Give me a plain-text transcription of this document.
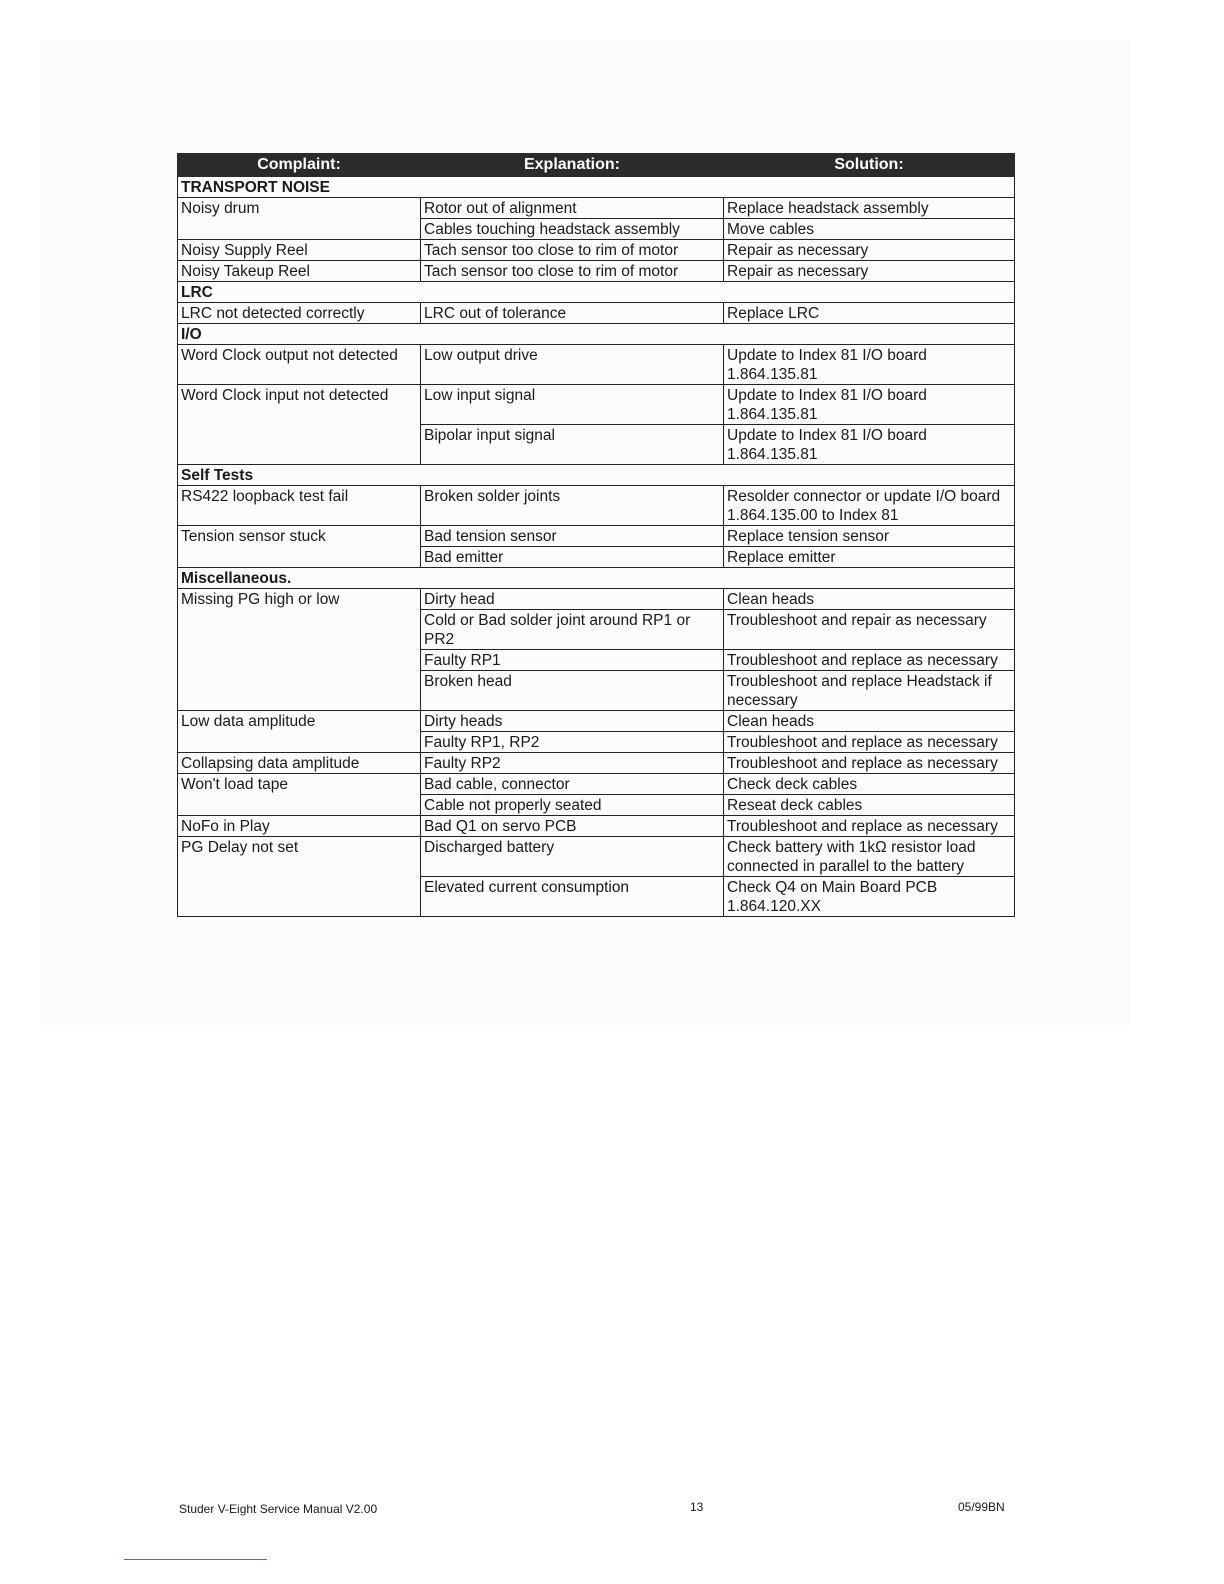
Complaint:	Explanation:	Solution:
TRANSPORT NOISE		
Noisy drum	Rotor out of alignment	Replace headstack assembly
	Cables touching headstack assembly	Move cables
Noisy Supply Reel	Tach sensor too close to rim of motor	Repair as necessary
Noisy Takeup Reel	Tach sensor too close to rim of motor	Repair as necessary
LRC		
LRC not detected correctly	LRC out of tolerance	Replace LRC
I/O		
Word Clock output not detected	Low output drive	Update to Index 81 I/O board 1.864.135.81
Word Clock input not detected	Low input signal	Update to Index 81 I/O board 1.864.135.81
	Bipolar input signal	Update to Index 81 I/O board 1.864.135.81
Self Tests		
RS422 loopback test fail	Broken solder joints	Resolder connector or update I/O board 1.864.135.00 to Index 81
Tension sensor stuck	Bad tension sensor	Replace tension sensor
	Bad emitter	Replace emitter
Miscellaneous.		
Missing PG high or low	Dirty head	Clean heads
	Cold or Bad solder joint around RP1 or PR2	Troubleshoot and repair as necessary
	Faulty RP1	Troubleshoot and replace as necessary
	Broken head	Troubleshoot and replace Headstack if necessary
Low data amplitude	Dirty heads	Clean heads
	Faulty RP1, RP2	Troubleshoot and replace as necessary
Collapsing data amplitude	Faulty RP2	Troubleshoot and replace as necessary
Won't load tape	Bad cable, connector	Check deck cables
	Cable not properly seated	Reseat deck cables
NoFo in Play	Bad Q1 on servo PCB	Troubleshoot and replace as necessary
PG Delay not set	Discharged battery	Check battery with 1kΩ resistor load connected in parallel to the battery
	Elevated current consumption	Check Q4 on Main Board PCB 1.864.120.XX
Studer V-Eight Service Manual V2.00	13	05/99BN
